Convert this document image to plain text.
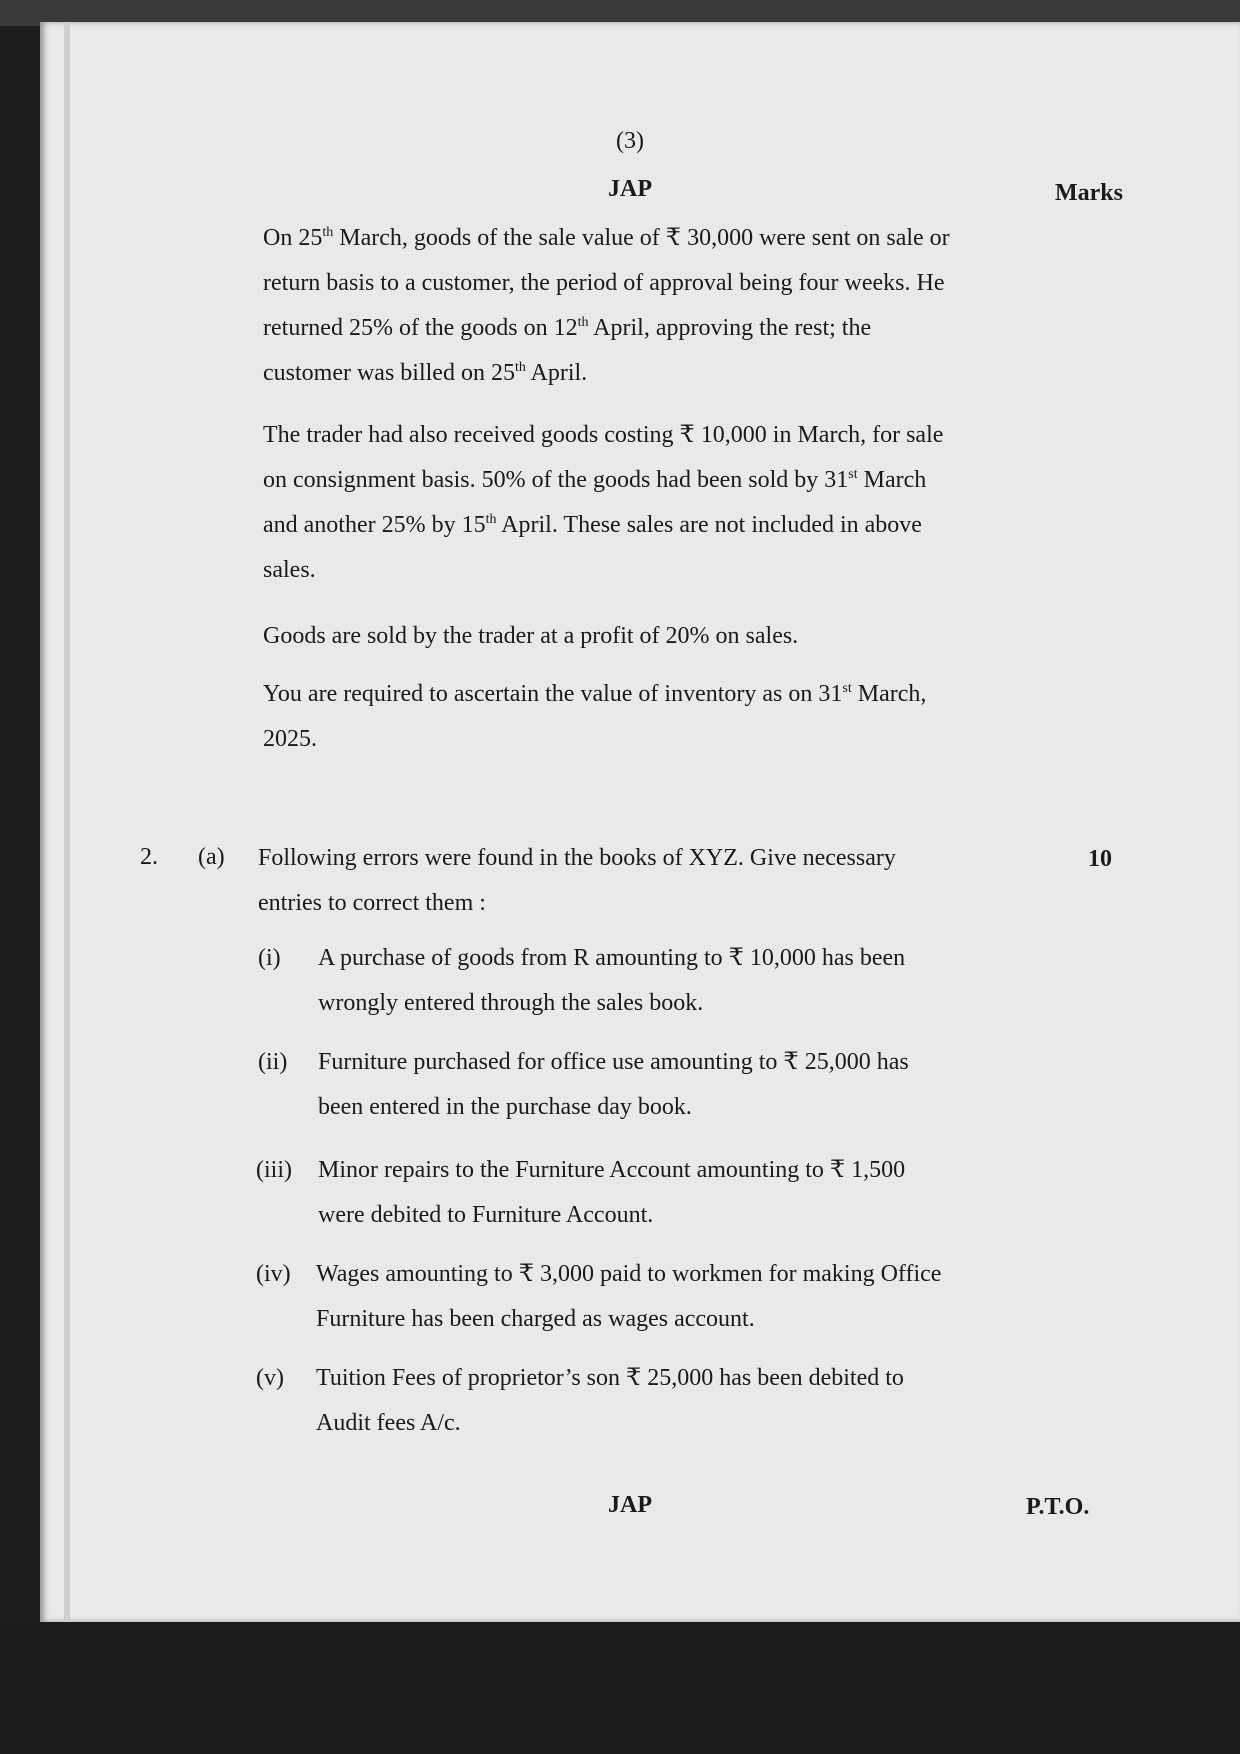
(3)
JAP	Marks
On 25th March, goods of the sale value of ₹ 30,000 were sent on sale or
return basis to a customer, the period of approval being four weeks. He
returned 25% of the goods on 12th April, approving the rest; the
customer was billed on 25th April.
The trader had also received goods costing ₹ 10,000 in March, for sale
on consignment basis. 50% of the goods had been sold by 31st March
and another 25% by 15th April. These sales are not included in above
sales.
Goods are sold by the trader at a profit of 20% on sales.
You are required to ascertain the value of inventory as on 31st March,
2025.
2. (a)	10
Following errors were found in the books of XYZ. Give necessary
entries to correct them :
(i) A purchase of goods from R amounting to ₹ 10,000 has been
wrongly entered through the sales book.
(ii) Furniture purchased for office use amounting to ₹ 25,000 has
been entered in the purchase day book.
(iii) Minor repairs to the Furniture Account amounting to ₹ 1,500
were debited to Furniture Account.
(iv) Wages amounting to ₹ 3,000 paid to workmen for making Office
Furniture has been charged as wages account.
(v) Tuition Fees of proprietor’s son ₹ 25,000 has been debited to
Audit fees A/c.
JAP	P.T.O.
